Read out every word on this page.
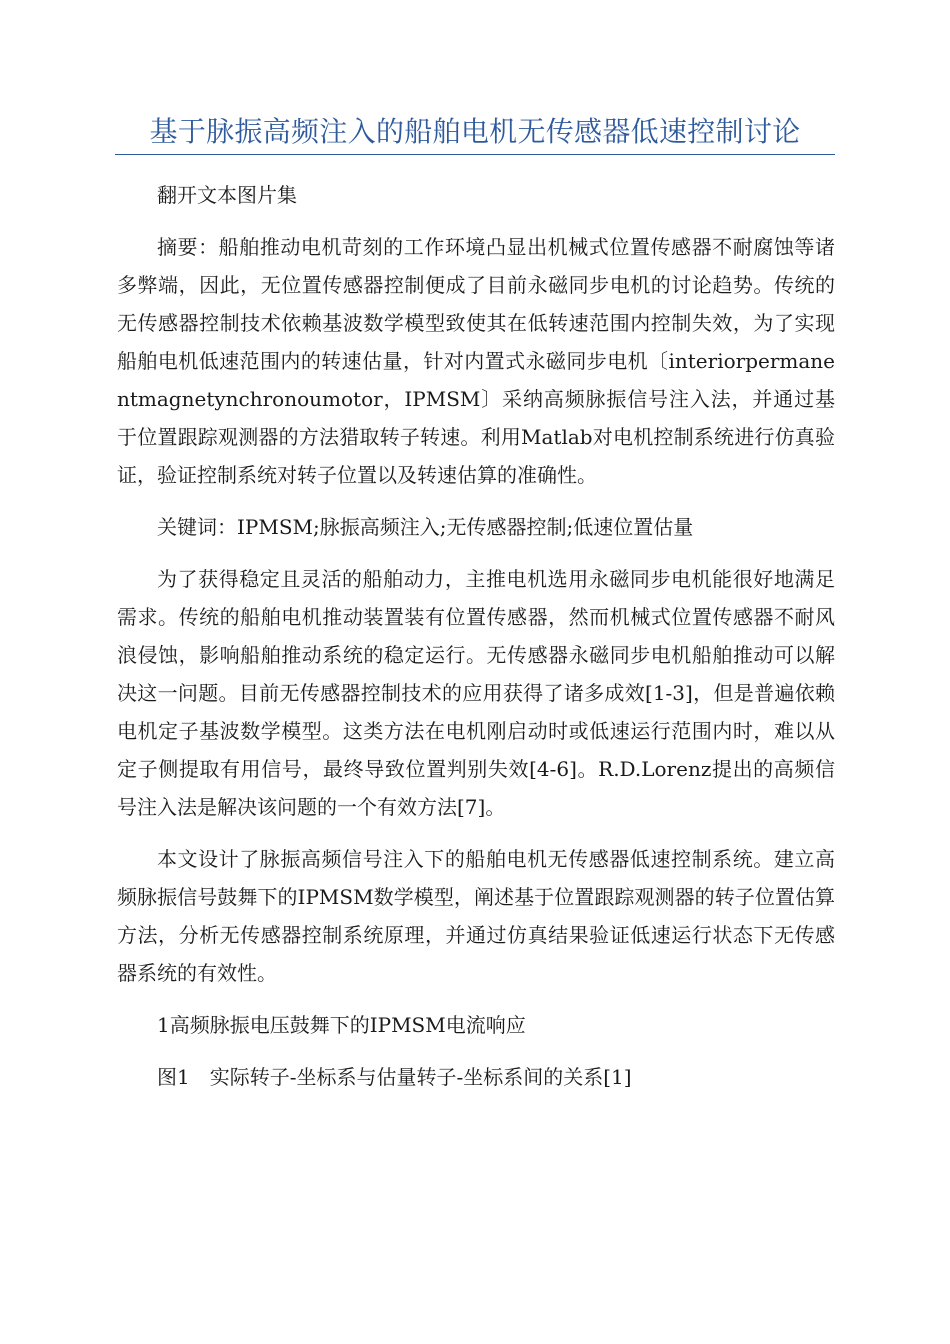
基于脉振高频注入的船舶电机无传感器低速控制讨论

翻开文本图片集

摘要：船舶推动电机苛刻的工作环境凸显出机械式位置传感器不耐腐蚀等诸多弊端，因此，无位置传感器控制便成了目前永磁同步电机的讨论趋势。传统的无传感器控制技术依赖基波数学模型致使其在低转速范围内控制失效，为了实现船舶电机低速范围内的转速估量，针对内置式永磁同步电机〔interiorpermanentmagnetynchronoumotor，IPMSM〕采纳高频脉振信号注入法，并通过基于位置跟踪观测器的方法猎取转子转速。利用Matlab对电机控制系统进行仿真验证，验证控制系统对转子位置以及转速估算的准确性。

关键词：IPMSM;脉振高频注入;无传感器控制;低速位置估量

为了获得稳定且灵活的船舶动力，主推电机选用永磁同步电机能很好地满足需求。传统的船舶电机推动装置装有位置传感器，然而机械式位置传感器不耐风浪侵蚀，影响船舶推动系统的稳定运行。无传感器永磁同步电机船舶推动可以解决这一问题。目前无传感器控制技术的应用获得了诸多成效[1-3]，但是普遍依赖电机定子基波数学模型。这类方法在电机刚启动时或低速运行范围内时，难以从定子侧提取有用信号，最终导致位置判别失效[4-6]。R.D.Lorenz提出的高频信号注入法是解决该问题的一个有效方法[7]。

本文设计了脉振高频信号注入下的船舶电机无传感器低速控制系统。建立高频脉振信号鼓舞下的IPMSM数学模型，阐述基于位置跟踪观测器的转子位置估算方法，分析无传感器控制系统原理，并通过仿真结果验证低速运行状态下无传感器系统的有效性。

1高频脉振电压鼓舞下的IPMSM电流响应

图1　实际转子-坐标系与估量转子-坐标系间的关系[1]
